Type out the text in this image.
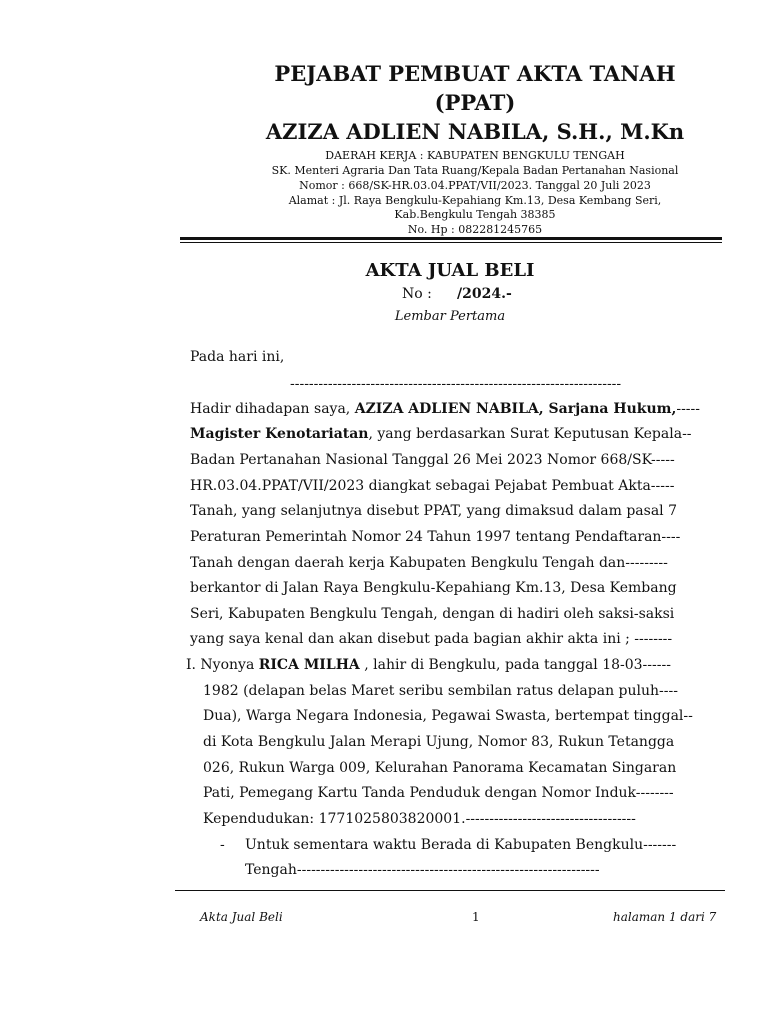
PEJABAT PEMBUAT AKTA TANAH
(PPAT)
AZIZA ADLIEN NABILA, S.H., M.Kn

DAERAH KERJA : KABUPATEN BENGKULU TENGAH

SK. Menteri Agraria Dan Tata Ruang/Kepala Badan Pertanahan Nasional

Nomor : 668/SK-HR.03.04.PPAT/VII/2023. Tanggal 20 Juli 2023

Alamat : Jl. Raya Bengkulu-Kepahiang Km.13, Desa Kembang Seri,

Kab.Bengkulu Tengah 38385

No. Hp : 082281245765

AKTA JUAL BELI
No : /2024.-
Lembar Pertama
Pada hari ini,
----------------------------------------------------------------------
Hadir dihadapan saya, AZIZA ADLIEN NABILA, Sarjana Hukum,-----
Magister Kenotariatan, yang berdasarkan Surat Keputusan Kepala--
Badan Pertanahan Nasional Tanggal 26 Mei 2023 Nomor 668/SK-----
HR.03.04.PPAT/VII/2023 diangkat sebagai Pejabat Pembuat Akta-----
Tanah, yang selanjutnya disebut PPAT, yang dimaksud dalam pasal 7
Peraturan Pemerintah Nomor 24 Tahun 1997 tentang Pendaftaran----
Tanah dengan daerah kerja Kabupaten Bengkulu Tengah dan---------
berkantor di Jalan Raya Bengkulu-Kepahiang Km.13, Desa Kembang
Seri, Kabupaten Bengkulu Tengah, dengan di hadiri oleh saksi-saksi
yang saya kenal dan akan disebut pada bagian akhir akta ini ; --------
I. Nyonya RICA MILHA , lahir di Bengkulu, pada tanggal 18-03------
1982 (delapan belas Maret seribu sembilan ratus delapan puluh----
Dua), Warga Negara Indonesia, Pegawai Swasta, bertempat tinggal--
di Kota Bengkulu Jalan Merapi Ujung, Nomor 83, Rukun Tetangga
026, Rukun Warga 009, Kelurahan Panorama Kecamatan Singaran
Pati, Pemegang Kartu Tanda Penduduk dengan Nomor Induk--------
Kependudukan: 1771025803820001.------------------------------------
- Untuk sementara waktu Berada di Kabupaten Bengkulu-------
Tengah----------------------------------------------------------------
Akta Jual Beli	1	halaman 1 dari 7
